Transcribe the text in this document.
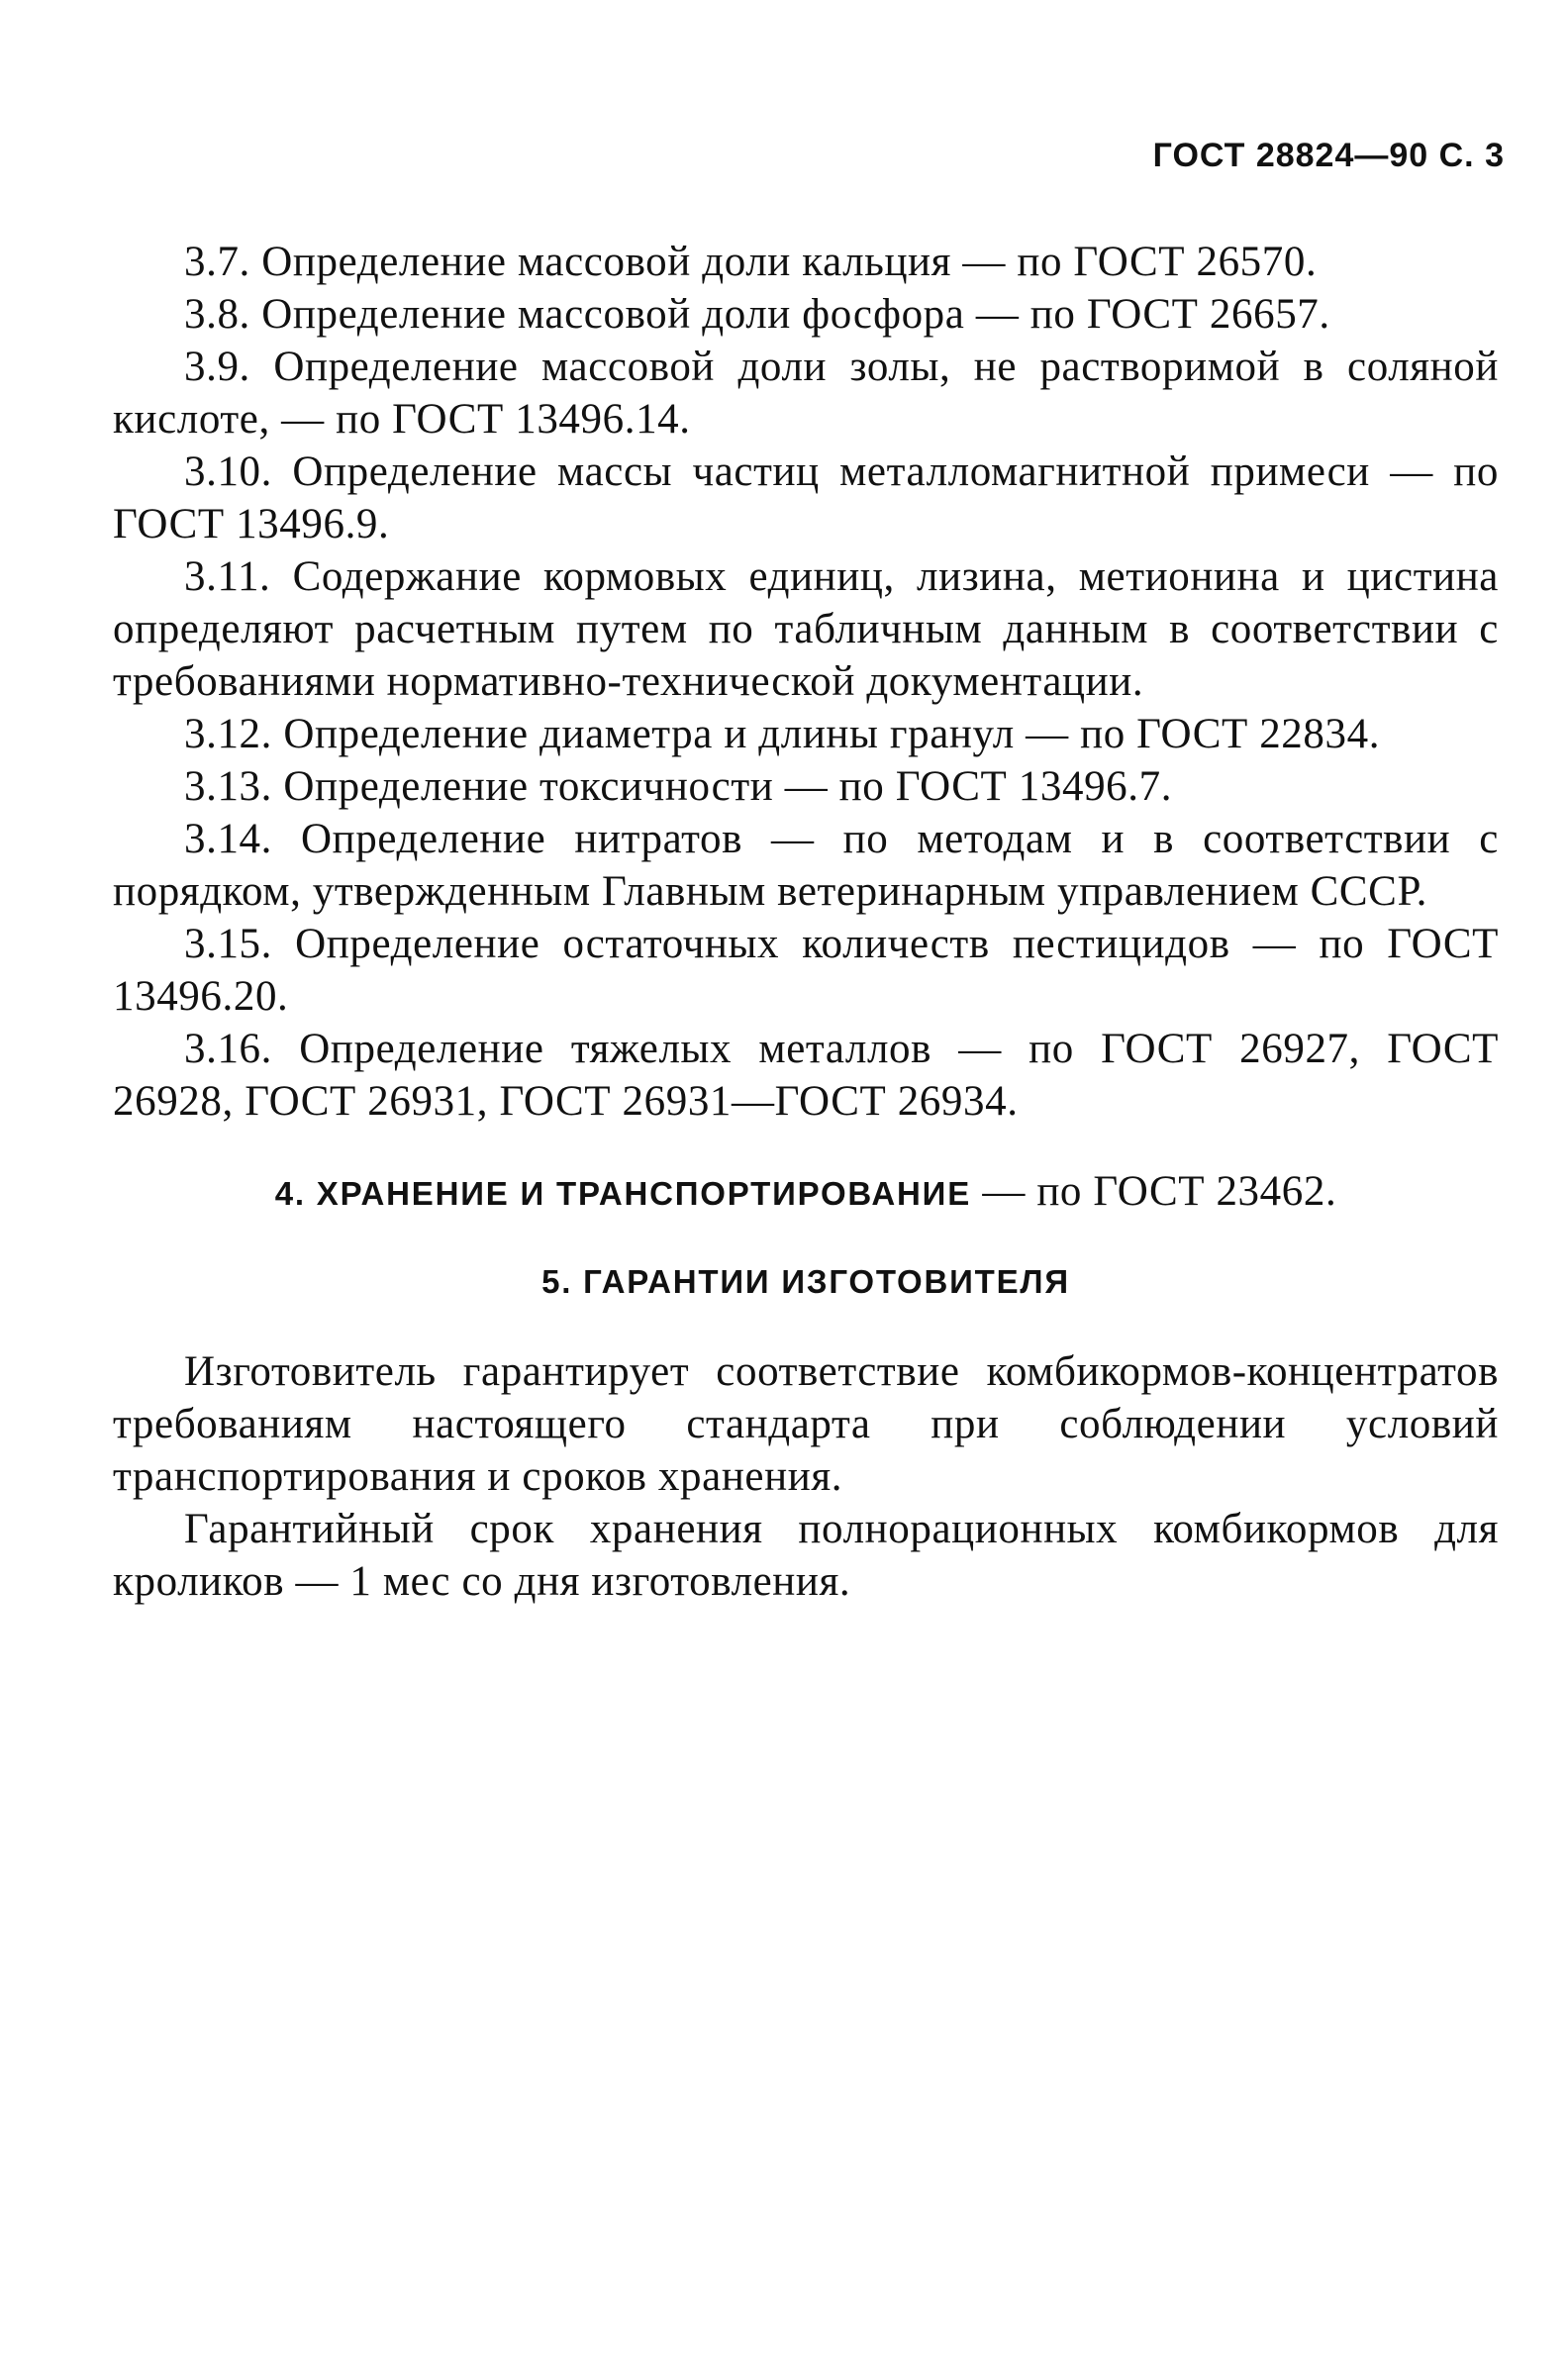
ГОСТ 28824—90 С. 3

3.7. Определение массовой доли кальция — по ГОСТ 26570.

3.8. Определение массовой доли фосфора — по ГОСТ 26657.

3.9. Определение массовой доли золы, не растворимой в соляной кислоте, — по ГОСТ 13496.14.

3.10. Определение массы частиц металломагнитной примеси — по ГОСТ 13496.9.

3.11. Содержание кормовых единиц, лизина, метионина и цистина определяют расчетным путем по табличным данным в соответствии с требованиями нормативно-технической документации.

3.12. Определение диаметра и длины гранул — по ГОСТ 22834.

3.13. Определение токсичности — по ГОСТ 13496.7.

3.14. Определение нитратов — по методам и в соответствии с порядком, утвержденным Главным ветеринарным управлением СССР.

3.15. Определение остаточных количеств пестицидов — по ГОСТ 13496.20.

3.16. Определение тяжелых металлов — по ГОСТ 26927, ГОСТ 26928, ГОСТ 26931, ГОСТ 26931—ГОСТ 26934.

4. ХРАНЕНИЕ И ТРАНСПОРТИРОВАНИЕ — по ГОСТ 23462.

5. ГАРАНТИИ ИЗГОТОВИТЕЛЯ

Изготовитель гарантирует соответствие комбикормов-концентратов требованиям настоящего стандарта при соблюдении условий транспортирования и сроков хранения.

Гарантийный срок хранения полнорационных комбикормов для кроликов — 1 мес со дня изготовления.
